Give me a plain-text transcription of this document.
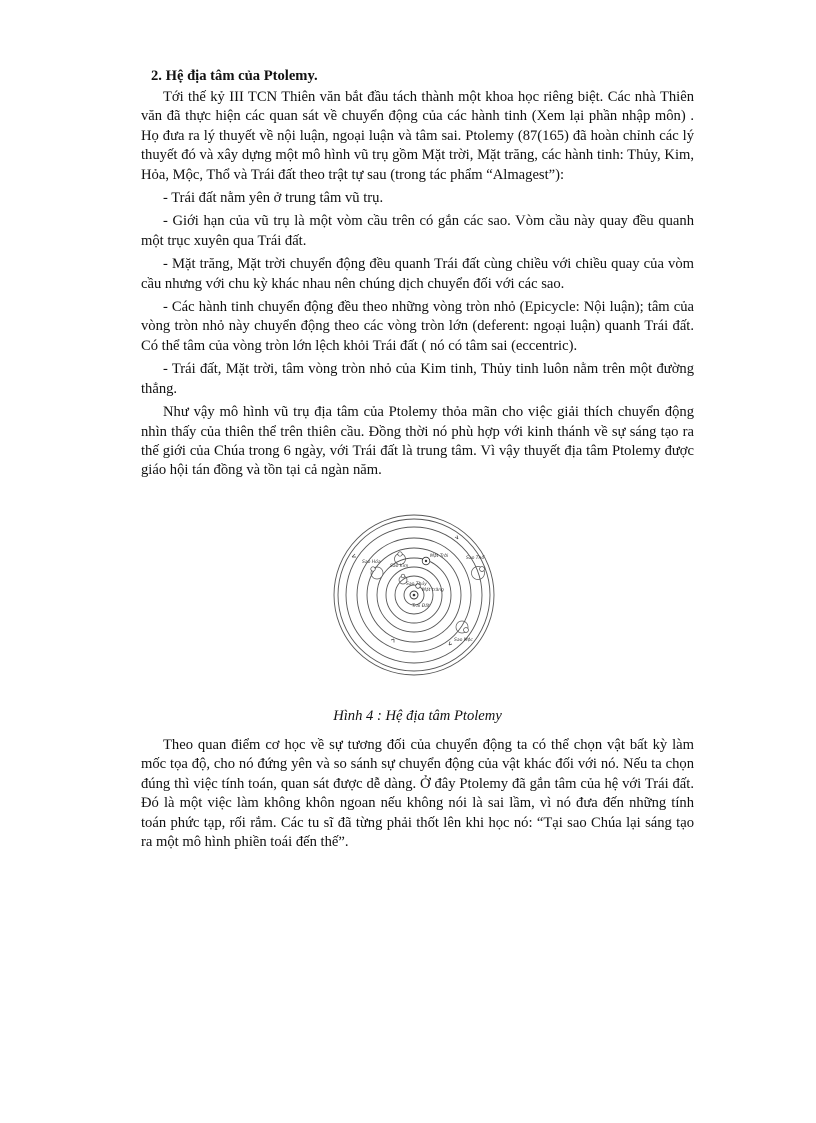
2. Hệ địa tâm của Ptolemy.

Tới thế kỷ III TCN Thiên văn bắt đầu tách thành một khoa học riêng biệt. Các nhà Thiên văn đã thực hiện các quan sát về chuyển động của các hành tinh (Xem lại phần nhập môn) . Họ đưa ra lý thuyết về nội luận, ngoại luận và tâm sai. Ptolemy (87(165) đã hoàn chỉnh các lý thuyết đó và xây dựng một mô hình vũ trụ gồm Mặt trời, Mặt trăng, các hành tinh: Thủy, Kim, Hỏa, Mộc, Thổ và Trái đất theo trật tự sau (trong tác phẩm “Almagest”):

- Trái đất nằm yên ở trung tâm vũ trụ.

- Giới hạn của vũ trụ là một vòm cầu trên có gắn các sao. Vòm cầu này quay đều quanh một trục xuyên qua Trái đất.

- Mặt trăng, Mặt trời chuyển động đều quanh Trái đất cùng chiều với chiều quay của vòm cầu nhưng với chu kỳ khác nhau nên chúng dịch chuyển đối với các sao.

- Các hành tinh chuyển động đều theo những vòng tròn nhỏ (Epicycle: Nội luận); tâm của vòng tròn nhỏ này chuyển động theo các vòng tròn lớn (deferent: ngoại luận) quanh Trái đất. Có thể tâm của vòng tròn lớn lệch khỏi Trái đất ( nó có tâm sai (eccentric).

- Trái đất, Mặt trời, tâm vòng tròn nhỏ của Kim tinh, Thủy tinh luôn nằm trên một đường thẳng.

Như vậy mô hình vũ trụ địa tâm của Ptolemy thỏa mãn cho việc giải thích chuyển động nhìn thấy của thiên thể trên thiên cầu. Đồng thời nó phù hợp với kinh thánh về sự sáng tạo ra thế giới của Chúa trong 6 ngày, với Trái đất là trung tâm. Vì vậy thuyết địa tâm Ptolemy được giáo hội tán đồng và tồn tại cả ngàn năm.

Trái Đất
Mặt trăng
Sao Thủy
Sao Kim
Mặt Trời
Sao Hỏa
Sao Mộc
Sao Thổ
Hình 4 : Hệ địa tâm Ptolemy

Theo quan điểm cơ học về sự tương đối của chuyển động ta có thể chọn vật bất kỳ làm mốc tọa độ, cho nó đứng yên và so sánh sự chuyển động của vật khác đối với nó. Nếu ta chọn đúng thì việc tính toán, quan sát được dễ dàng. Ở đây Ptolemy đã gắn tâm của hệ với Trái đất. Đó là một việc làm không khôn ngoan nếu không nói là sai lầm, vì nó đưa đến những tính toán phức tạp, rối rắm. Các tu sĩ đã từng phải thốt lên khi học nó: “Tại sao Chúa lại sáng tạo ra một mô hình phiền toái đến thế”.
